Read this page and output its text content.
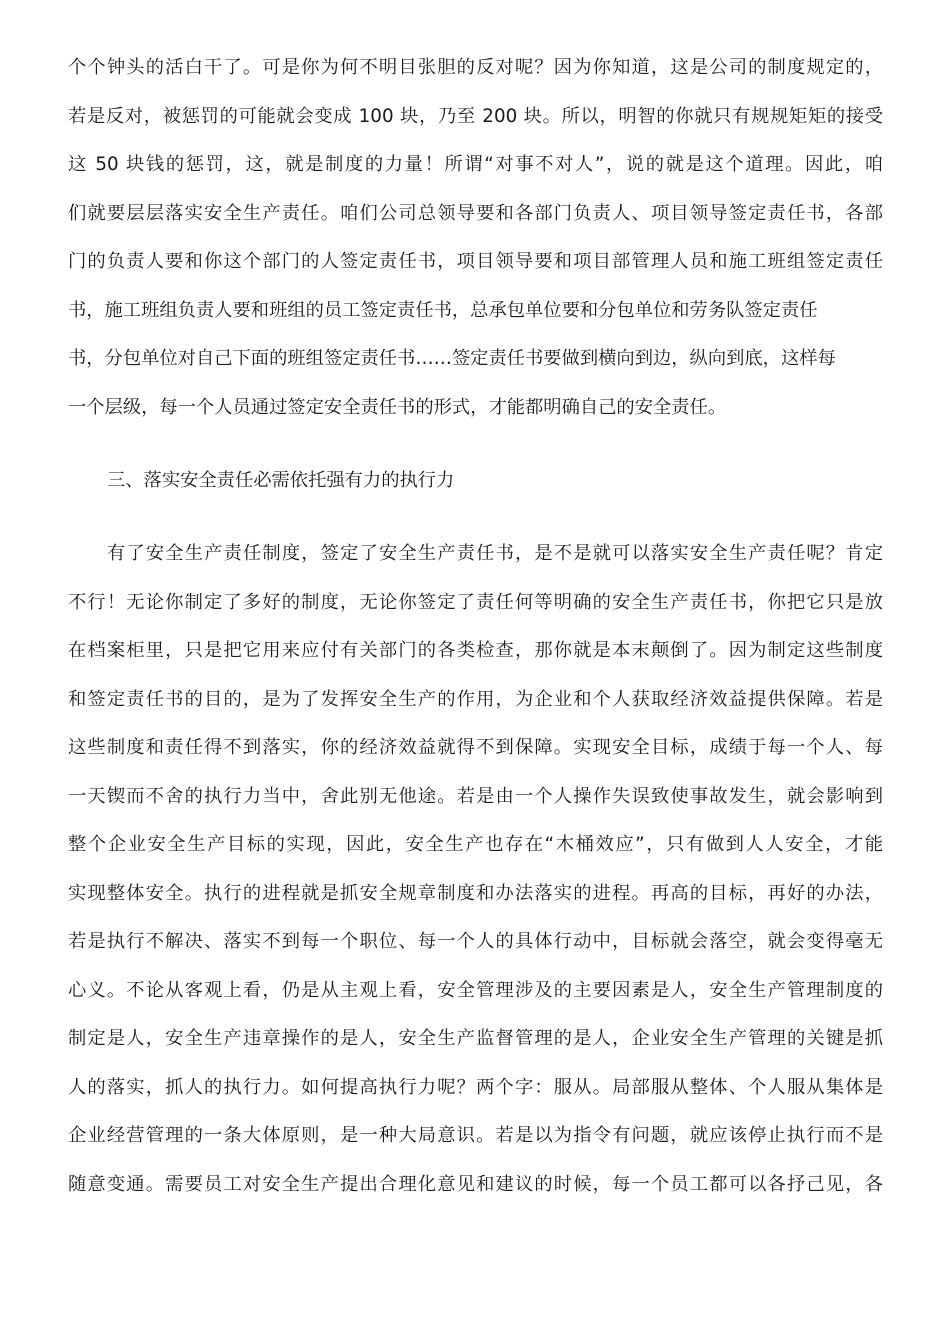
个个钟头的活白干了。可是你为何不明目张胆的反对呢？因为你知道，这是公司的制度规定的，
若是反对，被惩罚的可能就会变成 100 块，乃至 200 块。所以，明智的你就只有规规矩矩的接受
这 50 块钱的惩罚，这，就是制度的力量！所谓“对事不对人”，说的就是这个道理。因此，咱
们就要层层落实安全生产责任。咱们公司总领导要和各部门负责人、项目领导签定责任书，各部
门的负责人要和你这个部门的人签定责任书，项目领导要和项目部管理人员和施工班组签定责任
书，施工班组负责人要和班组的员工签定责任书，总承包单位要和分包单位和劳务队签定责任
书，分包单位对自己下面的班组签定责任书……签定责任书要做到横向到边，纵向到底，这样每
一个层级，每一个人员通过签定安全责任书的形式，才能都明确自己的安全责任。
三、落实安全责任必需依托强有力的执行力
有了安全生产责任制度，签定了安全生产责任书，是不是就可以落实安全生产责任呢？肯定
不行！无论你制定了多好的制度，无论你签定了责任何等明确的安全生产责任书，你把它只是放
在档案柜里，只是把它用来应付有关部门的各类检查，那你就是本末颠倒了。因为制定这些制度
和签定责任书的目的，是为了发挥安全生产的作用，为企业和个人获取经济效益提供保障。若是
这些制度和责任得不到落实，你的经济效益就得不到保障。实现安全目标，成绩于每一个人、每
一天锲而不舍的执行力当中，舍此别无他途。若是由一个人操作失误致使事故发生，就会影响到
整个企业安全生产目标的实现，因此，安全生产也存在“木桶效应”，只有做到人人安全，才能
实现整体安全。执行的进程就是抓安全规章制度和办法落实的进程。再高的目标，再好的办法，
若是执行不解决、落实不到每一个职位、每一个人的具体行动中，目标就会落空，就会变得毫无
心义。不论从客观上看，仍是从主观上看，安全管理涉及的主要因素是人，安全生产管理制度的
制定是人，安全生产违章操作的是人，安全生产监督管理的是人，企业安全生产管理的关键是抓
人的落实，抓人的执行力。如何提高执行力呢？两个字：服从。局部服从整体、个人服从集体是
企业经营管理的一条大体原则，是一种大局意识。若是以为指令有问题，就应该停止执行而不是
随意变通。需要员工对安全生产提出合理化意见和建议的时候，每一个员工都可以各抒己见，各
